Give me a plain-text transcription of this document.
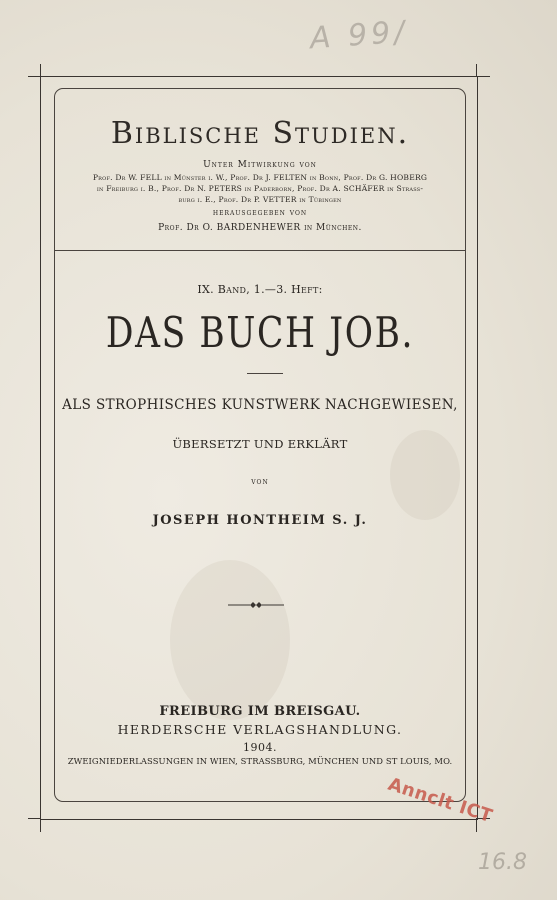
A 99/
Biblische Studien.
Unter Mitwirkung von
Prof. Dr W. FELL in Münster i. W., Prof. Dr J. FELTEN in Bonn, Prof. Dr G. HOBERG
in Freiburg i. B., Prof. Dr N. PETERS in Paderborn, Prof. Dr A. SCHÄFER in Strass-
burg i. E., Prof. Dr P. VETTER in Tübingen
herausgegeben von
Prof. Dr O. BARDENHEWER in München.
IX. Band, 1.—3. Heft:
DAS BUCH JOB.
ALS STROPHISCHES KUNSTWERK NACHGEWIESEN,
ÜBERSETZT UND ERKLÄRT
von
JOSEPH HONTHEIM S. J.
FREIBURG IM BREISGAU.
HERDERSCHE VERLAGSHANDLUNG.
1904.
ZWEIGNIEDERLASSUNGEN IN WIEN, STRASSBURG, MÜNCHEN UND ST LOUIS, MO.
Annclt ICT
16.8
